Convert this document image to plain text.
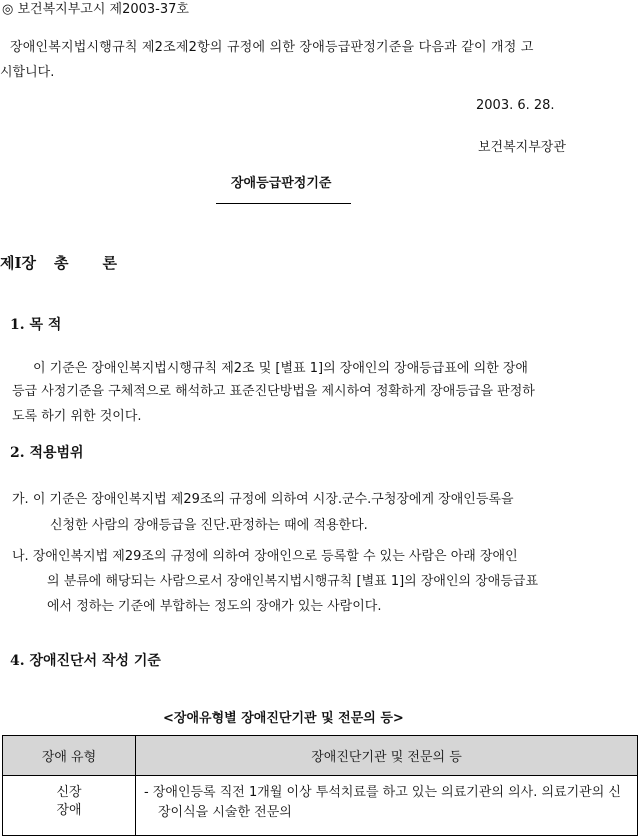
◎ 보건복지부고시 제2003-37호
장애인복지법시행규칙 제2조제2항의 규정에 의한 장애등급판정기준을 다음과 같이 개정 고
시합니다.
2003. 6. 28.
보건복지부장관
장애등급판정기준
제Ⅰ장 총 론
1. 목 적
이 기준은 장애인복지법시행규칙 제2조 및 [별표 1]의 장애인의 장애등급표에 의한 장애
등급 사정기준을 구체적으로 해석하고 표준진단방법을 제시하여 정확하게 장애등급을 판정하
도록 하기 위한 것이다.
2. 적용범위
가. 이 기준은 장애인복지법 제29조의 규정에 의하여 시장.군수.구청장에게 장애인등록을
신청한 사람의 장애등급을 진단.판정하는 때에 적용한다.
나. 장애인복지법 제29조의 규정에 의하여 장애인으로 등록할 수 있는 사람은 아래 장애인
의 분류에 해당되는 사람으로서 장애인복지법시행규칙 [별표 1]의 장애인의 장애등급표
에서 정하는 기준에 부합하는 정도의 장애가 있는 사람이다.
4. 장애진단서 작성 기준
<장애유형별 장애진단기관 및 전문의 등>
장애 유형	장애진단기관 및 전문의 등

신장
장애	- 장애인등록 직전 1개월 이상 투석치료를 하고 있는 의료기관의 의사. 의료기관의 신장이식을 시술한 전문의
